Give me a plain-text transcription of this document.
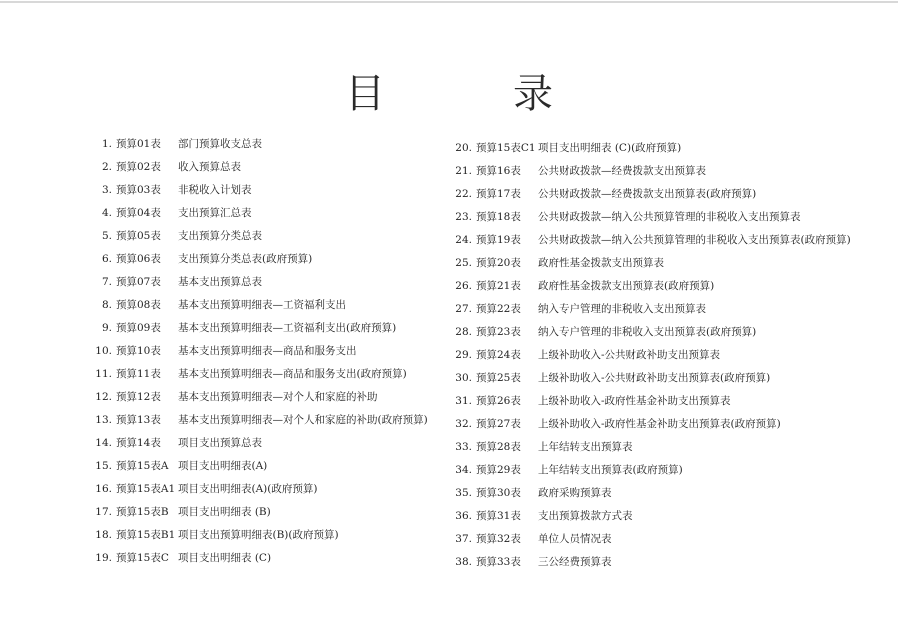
目　录
1. 预算01表 部门预算收支总表
2. 预算02表 收入预算总表
3. 预算03表 非税收入计划表
4. 预算04表 支出预算汇总表
5. 预算05表 支出预算分类总表
6. 预算06表 支出预算分类总表(政府预算)
7. 预算07表 基本支出预算总表
8. 预算08表 基本支出预算明细表—工资福利支出
9. 预算09表 基本支出预算明细表—工资福利支出(政府预算)
10. 预算10表 基本支出预算明细表—商品和服务支出
11. 预算11表 基本支出预算明细表—商品和服务支出(政府预算)
12. 预算12表 基本支出预算明细表—对个人和家庭的补助
13. 预算13表 基本支出预算明细表—对个人和家庭的补助(政府预算)
14. 预算14表 项目支出预算总表
15. 预算15表A 项目支出明细表(A)
16. 预算15表A1 项目支出明细表(A)(政府预算)
17. 预算15表B 项目支出明细表 (B)
18. 预算15表B1 项目支出预算明细表(B)(政府预算)
19. 预算15表C 项目支出明细表 (C)
20. 预算15表C1 项目支出明细表 (C)(政府预算)
21. 预算16表 公共财政拨款—经费拨款支出预算表
22. 预算17表 公共财政拨款—经费拨款支出预算表(政府预算)
23. 预算18表 公共财政拨款—纳入公共预算管理的非税收入支出预算表
24. 预算19表 公共财政拨款—纳入公共预算管理的非税收入支出预算表(政府预算)
25. 预算20表 政府性基金拨款支出预算表
26. 预算21表 政府性基金拨款支出预算表(政府预算)
27. 预算22表 纳入专户管理的非税收入支出预算表
28. 预算23表 纳入专户管理的非税收入支出预算表(政府预算)
29. 预算24表 上级补助收入-公共财政补助支出预算表
30. 预算25表 上级补助收入-公共财政补助支出预算表(政府预算)
31. 预算26表 上级补助收入-政府性基金补助支出预算表
32. 预算27表 上级补助收入-政府性基金补助支出预算表(政府预算)
33. 预算28表 上年结转支出预算表
34. 预算29表 上年结转支出预算表(政府预算)
35. 预算30表 政府采购预算表
36. 预算31表 支出预算拨款方式表
37. 预算32表 单位人员情况表
38. 预算33表 三公经费预算表
